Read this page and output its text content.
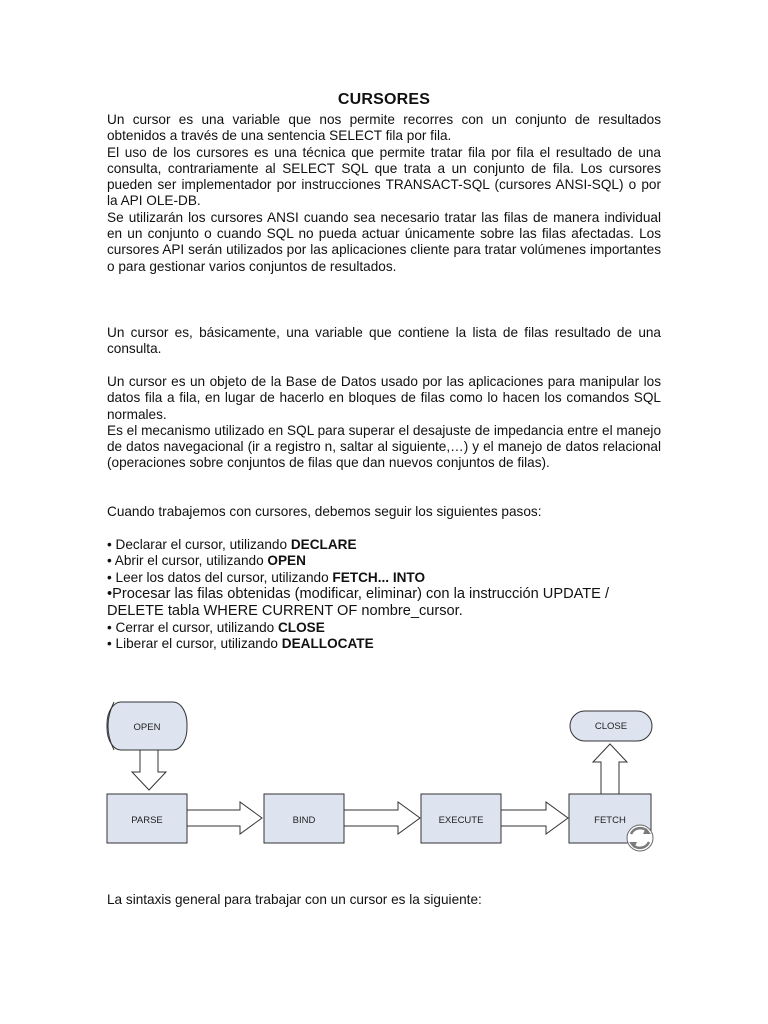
CURSORES

Un cursor es una variable que nos permite recorres con un conjunto de resultados obtenidos a través de una sentencia SELECT fila por fila.

El uso de los cursores es una técnica que permite tratar fila por fila el resultado de una consulta, contrariamente al SELECT SQL que trata a un conjunto de fila. Los cursores pueden ser implementador por instrucciones TRANSACT-SQL (cursores ANSI-SQL) o por la API OLE-DB.

Se utilizarán los cursores ANSI cuando sea necesario tratar las filas de manera individual en un conjunto o cuando SQL no pueda actuar únicamente sobre las filas afectadas. Los cursores API serán utilizados por las aplicaciones cliente para tratar volúmenes importantes o para gestionar varios conjuntos de resultados.

Un cursor es, básicamente, una variable que contiene la lista de filas resultado de una consulta.

Un cursor es un objeto de la Base de Datos usado por las aplicaciones para manipular los datos fila a fila, en lugar de hacerlo en bloques de filas como lo hacen los comandos SQL normales.

Es el mecanismo utilizado en SQL para superar el desajuste de impedancia entre el manejo de datos navegacional (ir a registro n, saltar al siguiente,…) y el manejo de datos relacional (operaciones sobre conjuntos de filas que dan nuevos conjuntos de filas).

Cuando trabajemos con cursores, debemos seguir los siguientes pasos:

• Declarar el cursor, utilizando DECLARE
• Abrir el cursor, utilizando OPEN
• Leer los datos del cursor, utilizando FETCH... INTO
•Procesar las filas obtenidas (modificar, eliminar) con la instrucción UPDATE /
DELETE tabla WHERE CURRENT OF nombre_cursor.
• Cerrar el cursor, utilizando CLOSE
• Liberar el cursor, utilizando DEALLOCATE
OPEN
PARSE	BIND	EXECUTE	FETCH
CLOSE

La sintaxis general para trabajar con un cursor es la siguiente:
